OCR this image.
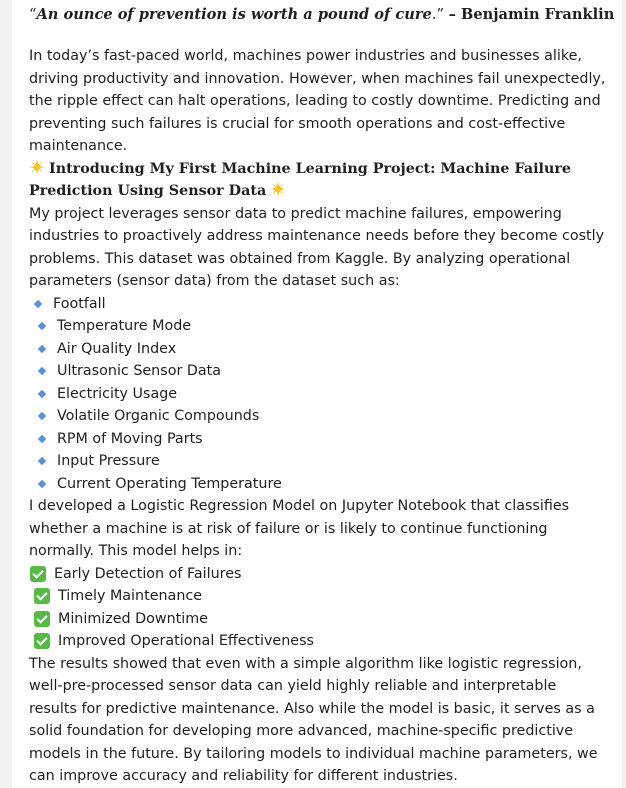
“An ounce of prevention is worth a pound of cure.” – Benjamin Franklin

In today’s fast-paced world, machines power industries and businesses alike, driving productivity and innovation. However, when machines fail unexpectedly, the ripple effect can halt operations, leading to costly downtime. Predicting and preventing such failures is crucial for smooth operations and cost-effective maintenance.

Introducing My First Machine Learning Project: Machine Failure Prediction Using Sensor Data

My project leverages sensor data to predict machine failures, empowering industries to proactively address maintenance needs before they become costly problems. This dataset was obtained from Kaggle. By analyzing operational parameters (sensor data) from the dataset such as:

Footfall
Temperature Mode
Air Quality Index
Ultrasonic Sensor Data
Electricity Usage
Volatile Organic Compounds
RPM of Moving Parts
Input Pressure
Current Operating Temperature

I developed a Logistic Regression Model on Jupyter Notebook that classifies whether a machine is at risk of failure or is likely to continue functioning normally. This model helps in:

Early Detection of Failures
Timely Maintenance
Minimized Downtime
Improved Operational Effectiveness

The results showed that even with a simple algorithm like logistic regression, well-pre-processed sensor data can yield highly reliable and interpretable results for predictive maintenance. Also while the model is basic, it serves as a solid foundation for developing more advanced, machine-specific predictive models in the future. By tailoring models to individual machine parameters, we can improve accuracy and reliability for different industries.
